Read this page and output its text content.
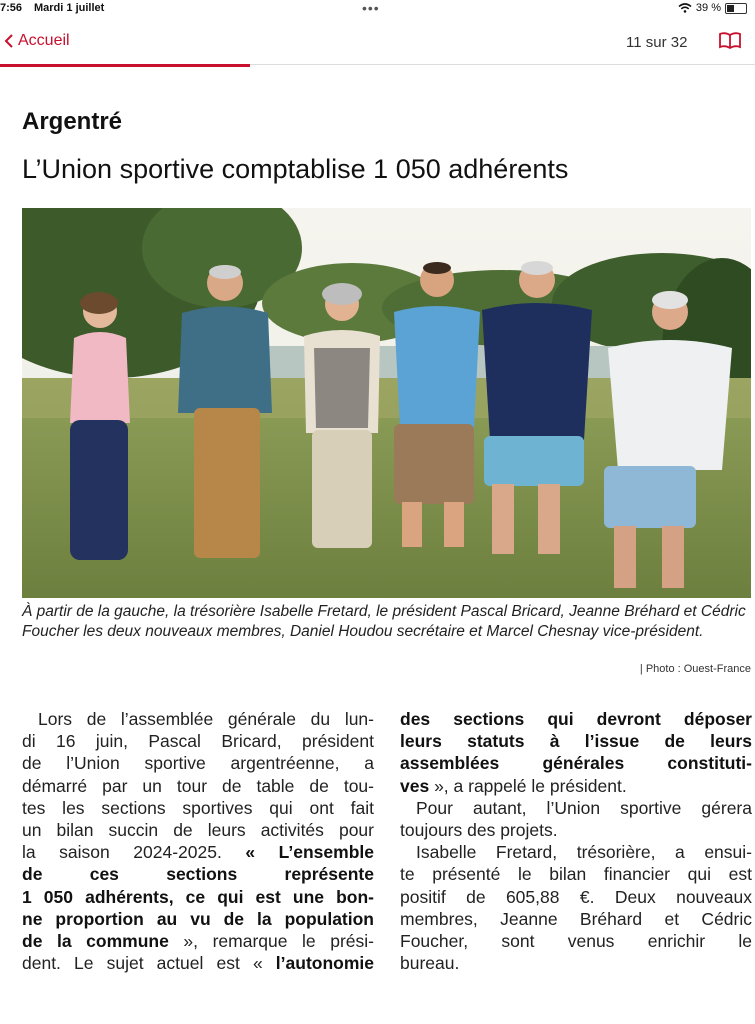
7:56 Mardi 1 juillet	•••	39 %
Accueil	11 sur 32
Argentré
L’Union sportive comptablise 1 050 adhérents
À partir de la gauche, la trésorière Isabelle Fretard, le président Pascal Bricard, Jeanne Bréhard et Cédric Foucher les deux nouveaux membres, Daniel Houdou secrétaire et Marcel Chesnay vice-président.
| Photo : Ouest-France
Lors de l’assemblée générale du lun-
di 16 juin, Pascal Bricard, président
de l’Union sportive argentréenne, a
démarré par un tour de table de tou-
tes les sections sportives qui ont fait
un bilan succin de leurs activités pour
la saison 2024-2025. « L’ensemble
de ces sections représente
1 050 adhérents, ce qui est une bon-
ne proportion au vu de la population
de la commune », remarque le prési-
dent. Le sujet actuel est « l’autonomie
des sections qui devront déposer
leurs statuts à l’issue de leurs
assemblées générales constituti-
ves », a rappelé le président.
Pour autant, l’Union sportive gérera
toujours des projets.
Isabelle Fretard, trésorière, a ensui-
te présenté le bilan financier qui est
positif de 605,88 €. Deux nouveaux
membres, Jeanne Bréhard et Cédric
Foucher, sont venus enrichir le
bureau.
